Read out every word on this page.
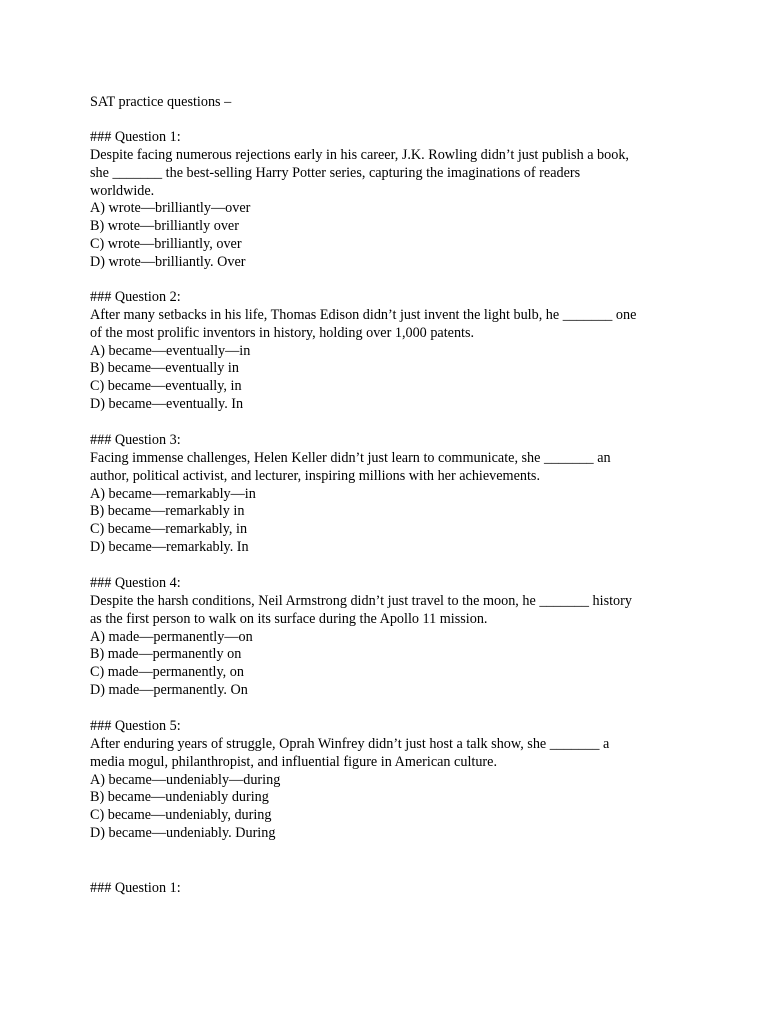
SAT practice questions –
### Question 1:
Despite facing numerous rejections early in his career, J.K. Rowling didn’t just publish a book,
she _______ the best-selling Harry Potter series, capturing the imaginations of readers
worldwide.
A) wrote—brilliantly—over
B) wrote—brilliantly over
C) wrote—brilliantly, over
D) wrote—brilliantly. Over
### Question 2:
After many setbacks in his life, Thomas Edison didn’t just invent the light bulb, he _______ one
of the most prolific inventors in history, holding over 1,000 patents.
A) became—eventually—in
B) became—eventually in
C) became—eventually, in
D) became—eventually. In
### Question 3:
Facing immense challenges, Helen Keller didn’t just learn to communicate, she _______ an
author, political activist, and lecturer, inspiring millions with her achievements.
A) became—remarkably—in
B) became—remarkably in
C) became—remarkably, in
D) became—remarkably. In
### Question 4:
Despite the harsh conditions, Neil Armstrong didn’t just travel to the moon, he _______ history
as the first person to walk on its surface during the Apollo 11 mission.
A) made—permanently—on
B) made—permanently on
C) made—permanently, on
D) made—permanently. On
### Question 5:
After enduring years of struggle, Oprah Winfrey didn’t just host a talk show, she _______ a
media mogul, philanthropist, and influential figure in American culture.
A) became—undeniably—during
B) became—undeniably during
C) became—undeniably, during
D) became—undeniably. During
### Question 1:
